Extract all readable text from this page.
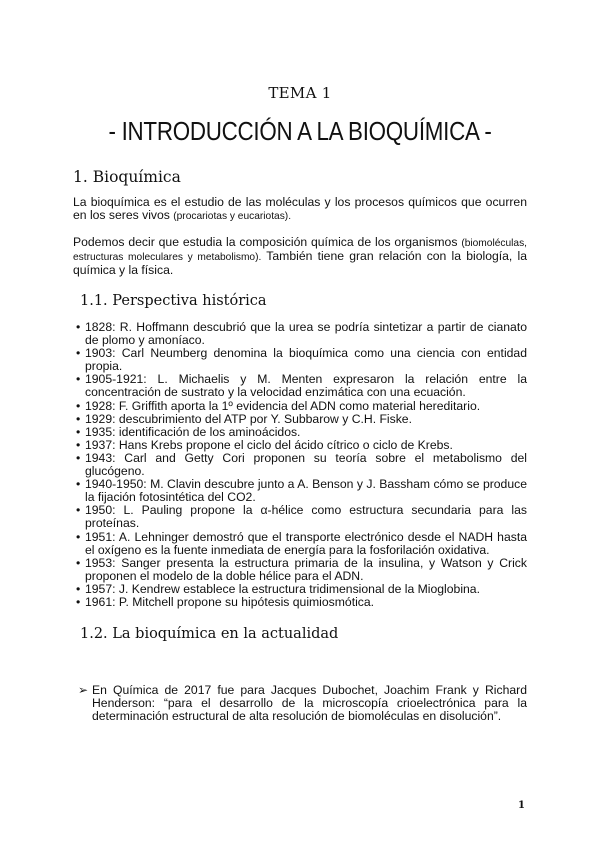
TEMA 1
- INTRODUCCIÓN A LA BIOQUÍMICA -
1. Bioquímica
La bioquímica es el estudio de las moléculas y los procesos químicos que ocurren en los seres vivos (procariotas y eucariotas).
Podemos decir que estudia la composición química de los organismos (biomoléculas, estructuras moleculares y metabolismo). También tiene gran relación con la biología, la química y la física.
1.1. Perspectiva histórica
• 1828: R. Hoffmann descubrió que la urea se podría sintetizar a partir de cianato de plomo y amoníaco.
• 1903: Carl Neumberg denomina la bioquímica como una ciencia con entidad propia.
• 1905-1921: L. Michaelis y M. Menten expresaron la relación entre la concentración de sustrato y la velocidad enzimática con una ecuación.
• 1928: F. Griffith aporta la 1º evidencia del ADN como material hereditario.
• 1929: descubrimiento del ATP por Y. Subbarow y C.H. Fiske.
• 1935: identificación de los aminoácidos.
• 1937: Hans Krebs propone el ciclo del ácido cítrico o ciclo de Krebs.
• 1943: Carl and Getty Cori proponen su teoría sobre el metabolismo del glucógeno.
• 1940-1950: M. Clavin descubre junto a A. Benson y J. Bassham cómo se produce la fijación fotosintética del CO2.
• 1950: L. Pauling propone la α-hélice como estructura secundaria para las proteínas.
• 1951: A. Lehninger demostró que el transporte electrónico desde el NADH hasta el oxígeno es la fuente inmediata de energía para la fosforilación oxidativa.
• 1953: Sanger presenta la estructura primaria de la insulina, y Watson y Crick proponen el modelo de la doble hélice para el ADN.
• 1957: J. Kendrew establece la estructura tridimensional de la Mioglobina.
• 1961: P. Mitchell propone su hipótesis quimiosmótica.
1.2. La bioquímica en la actualidad
➢ En Química de 2017 fue para Jacques Dubochet, Joachim Frank y Richard Henderson: “para el desarrollo de la microscopía crioelectrónica para la determinación estructural de alta resolución de biomoléculas en disolución”.
1
